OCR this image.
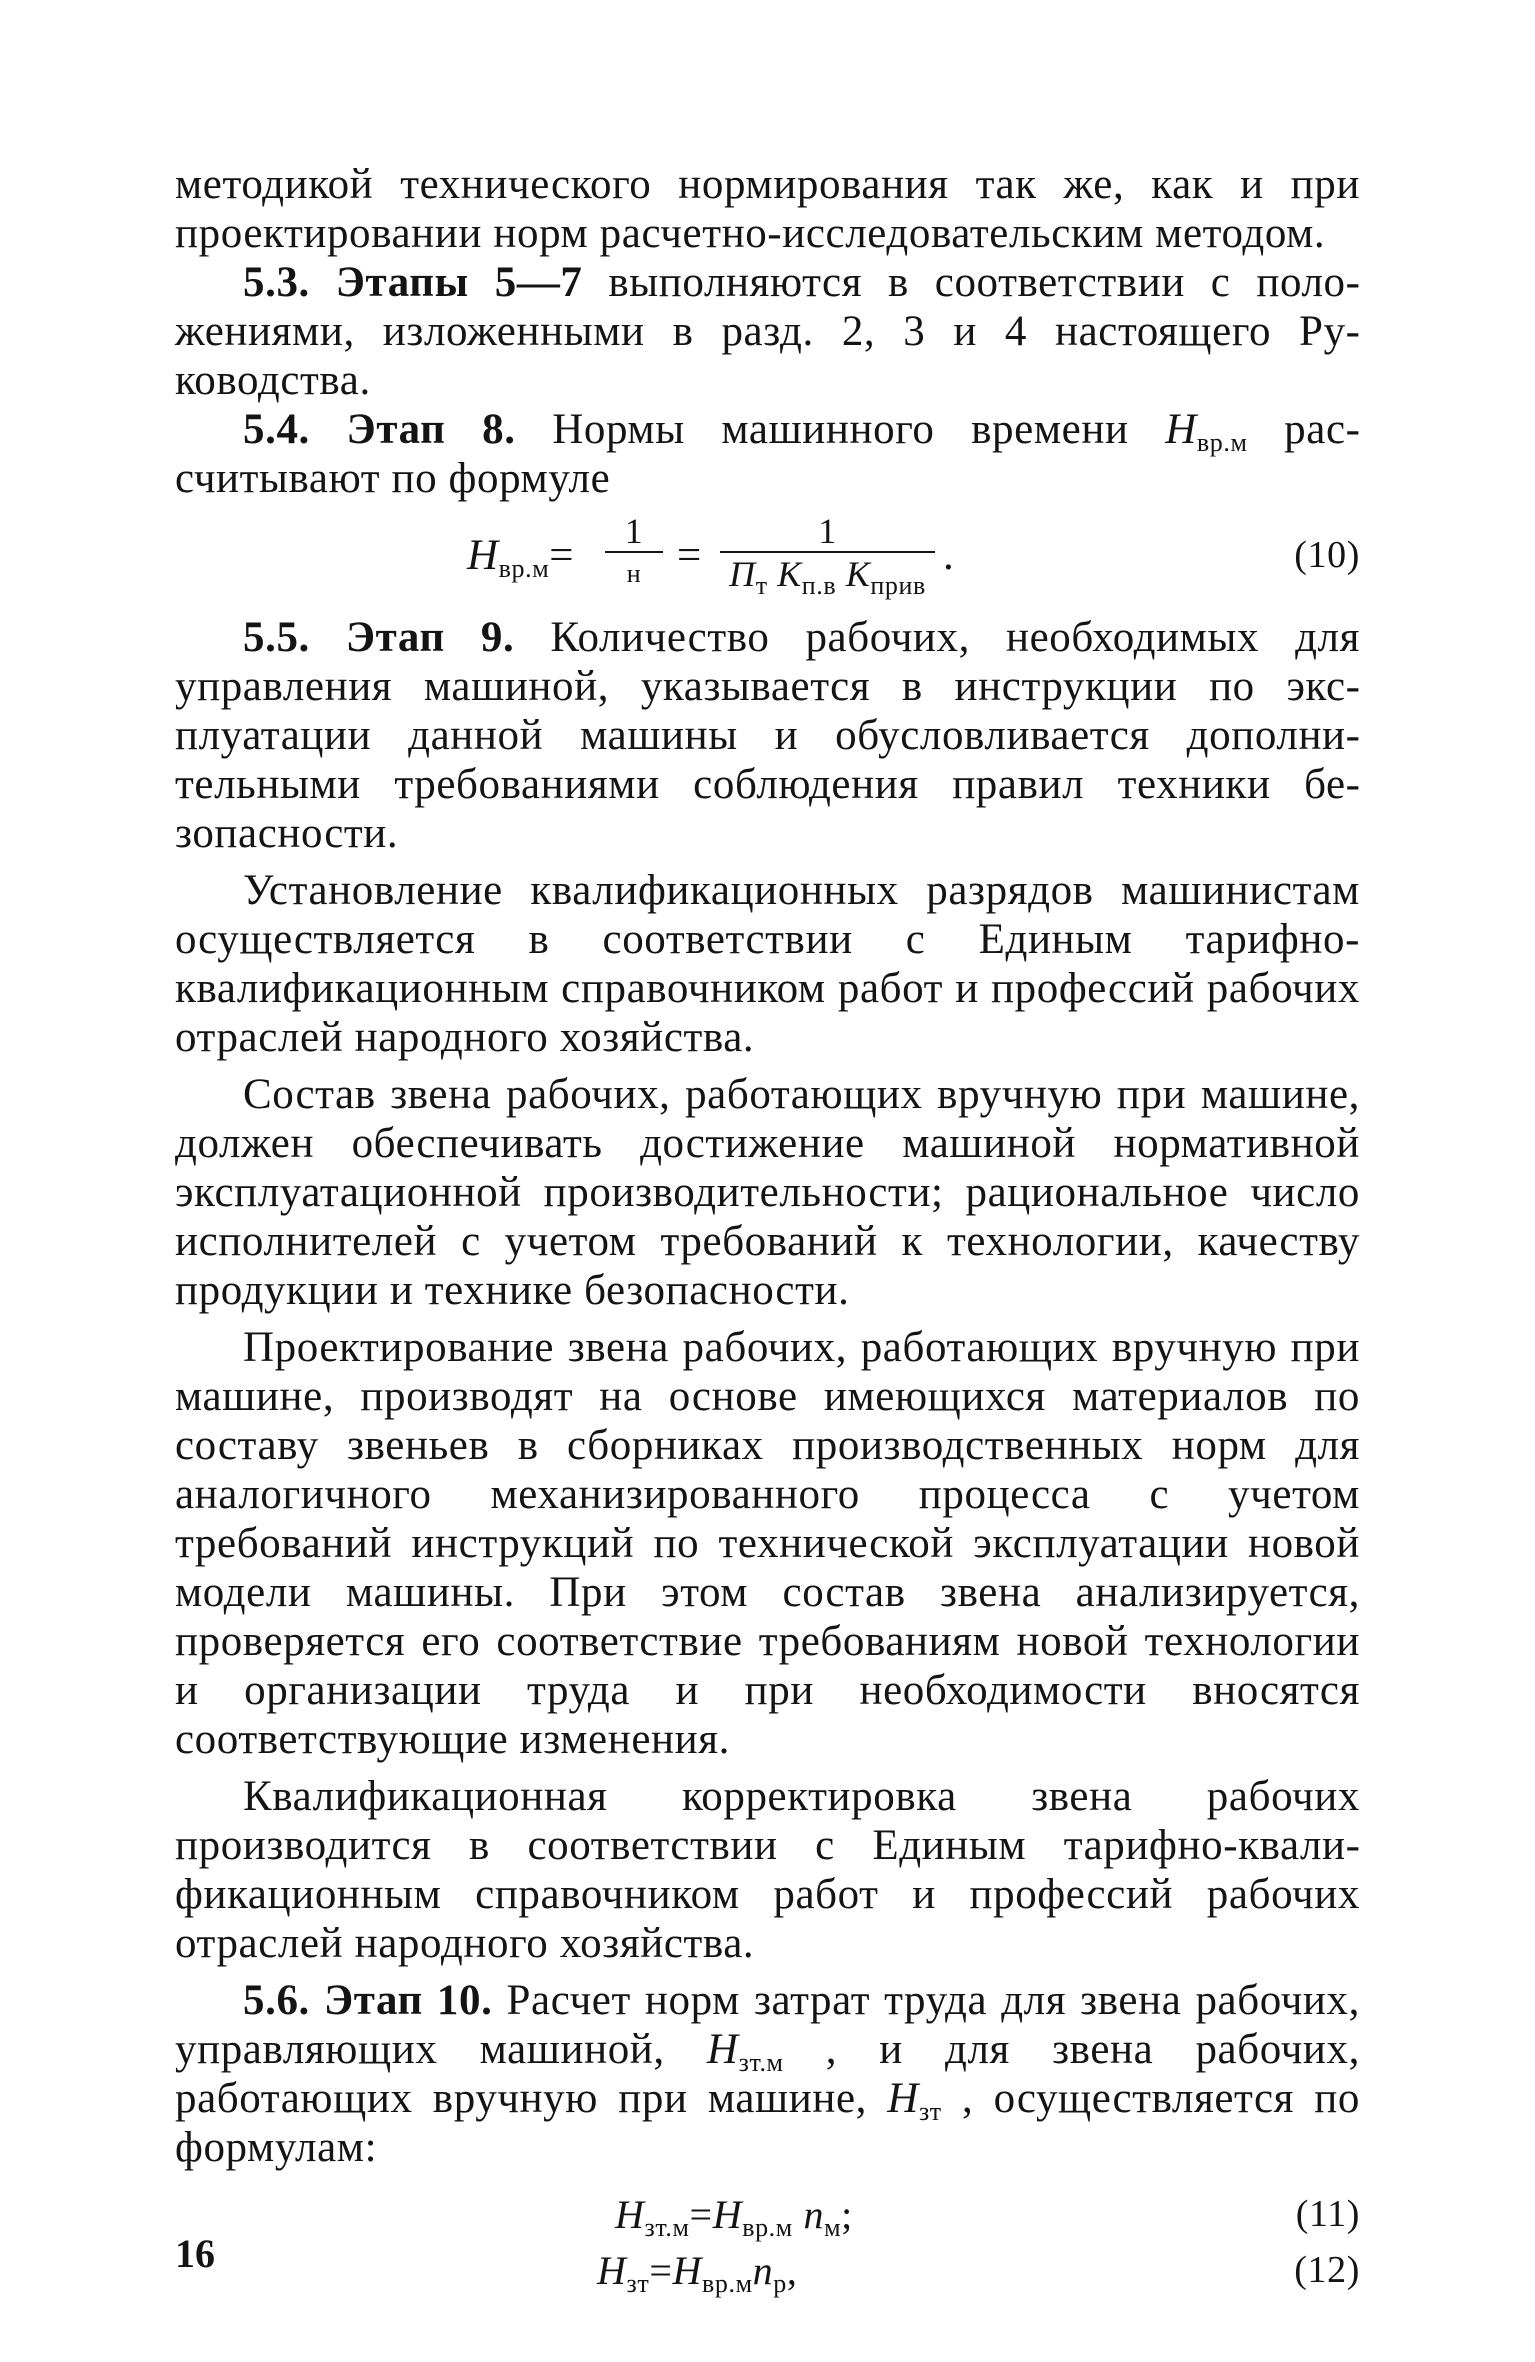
методикой технического нормирования так же, как и при проектировании норм расчетно-исследовательским методом.

5.3. Этапы 5—7 выполняются в соответствии с положениями, изложенными в разд. 2, 3 и 4 настоящего Руководства.

5.4. Этап 8. Нормы машинного времени $Н_{вр.м}$ рассчитывают по формуле

$Н_{вр.м}=$
1
н =
1
$П_т$ $К_{п.в}$ $К_{прив}$
.	(10)

5.5. Этап 9. Количество рабочих, необходимых для управления машиной, указывается в инструкции по эксплуатации данной машины и обусловливается дополнительными требованиями соблюдения правил техники безопасности.

Установление квалификационных разрядов машинистам осуществляется в соответствии с Единым тарифно-квалификационным справочником работ и профессий рабочих отраслей народного хозяйства.

Состав звена рабочих, работающих вручную при машине, должен обеспечивать достижение машиной нормативной эксплуатационной производительности; рациональное число исполнителей с учетом требований к технологии, качеству продукции и технике безопасности.

Проектирование звена рабочих, работающих вручную при машине, производят на основе имеющихся материалов по составу звеньев в сборниках производственных норм для аналогичного механизированного процесса с учетом требований инструкций по технической эксплуатации новой модели машины. При этом состав звена анализируется, проверяется его соответствие требованиям новой технологии и организации труда и при необходимости вносятся соответствующие изменения.

Квалификационная корректировка звена рабочих производится в соответствии с Единым тарифно-квалификационным справочником работ и профессий рабочих отраслей народного хозяйства.

5.6. Этап 10. Расчет норм затрат труда для звена рабочих, управляющих машиной, $Н_{зт.м}$ , и для звена рабочих, работающих вручную при машине, $Н_{зт}$ , осуществляется по формулам:

$Н_{зт.м}=Н_{вр.м}$ $n_м$;	(11)
$Н_{зт}=Н_{вр.м}n_р$,	(12)
16
